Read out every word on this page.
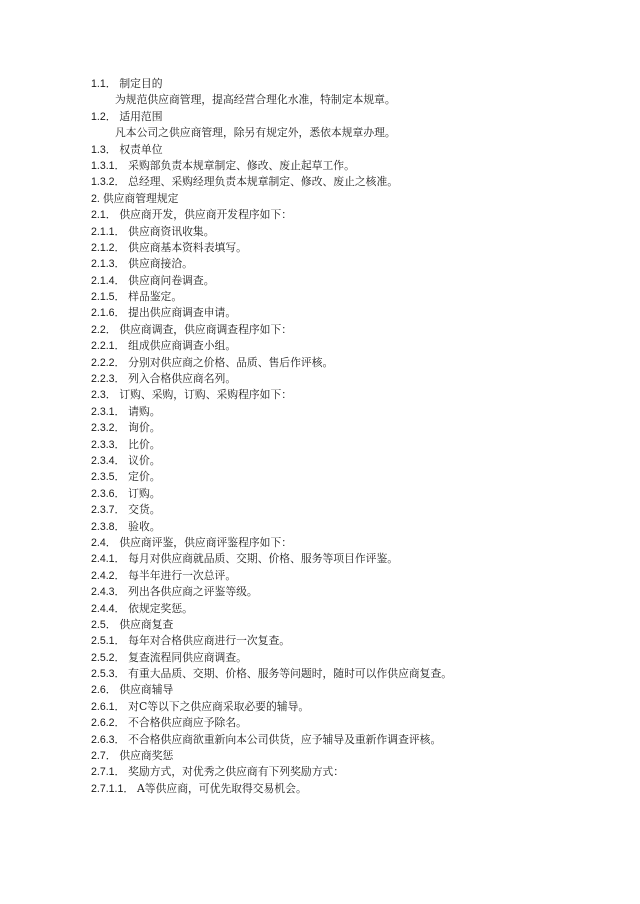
1.1． 制定目的
为规范供应商管理，提高经营合理化水准，特制定本规章。
1.2． 适用范围
凡本公司之供应商管理，除另有规定外，悉依本规章办理。
1.3． 权责单位
1.3.1． 采购部负责本规章制定、修改、废止起草工作。
1.3.2． 总经理、采购经理负责本规章制定、修改、废止之核准。
2. 供应商管理规定
2.1． 供应商开发，供应商开发程序如下：
2.1.1． 供应商资讯收集。
2.1.2． 供应商基本资料表填写。
2.1.3． 供应商接洽。
2.1.4． 供应商问卷调查。
2.1.5． 样品鉴定。
2.1.6． 提出供应商调查申请。
2.2． 供应商调查，供应商调查程序如下：
2.2.1． 组成供应商调查小组。
2.2.2． 分别对供应商之价格、品质、售后作评核。
2.2.3． 列入合格供应商名列。
2.3． 订购、采购，订购、采购程序如下：
2.3.1． 请购。
2.3.2． 询价。
2.3.3． 比价。
2.3.4． 议价。
2.3.5． 定价。
2.3.6． 订购。
2.3.7． 交货。
2.3.8． 验收。
2.4． 供应商评鉴，供应商评鉴程序如下：
2.4.1． 每月对供应商就品质、交期、价格、服务等项目作评鉴。
2.4.2． 每半年进行一次总评。
2.4.3． 列出各供应商之评鉴等级。
2.4.4． 依规定奖惩。
2.5． 供应商复查
2.5.1． 每年对合格供应商进行一次复查。
2.5.2． 复查流程同供应商调查。
2.5.3． 有重大品质、交期、价格、服务等问题时，随时可以作供应商复查。
2.6． 供应商辅导
2.6.1． 对C等以下之供应商采取必要的辅导。
2.6.2． 不合格供应商应予除名。
2.6.3． 不合格供应商欲重新向本公司供货，应予辅导及重新作调查评核。
2.7． 供应商奖惩
2.7.1． 奖励方式，对优秀之供应商有下列奖励方式：
2.7.1.1． A等供应商，可优先取得交易机会。
